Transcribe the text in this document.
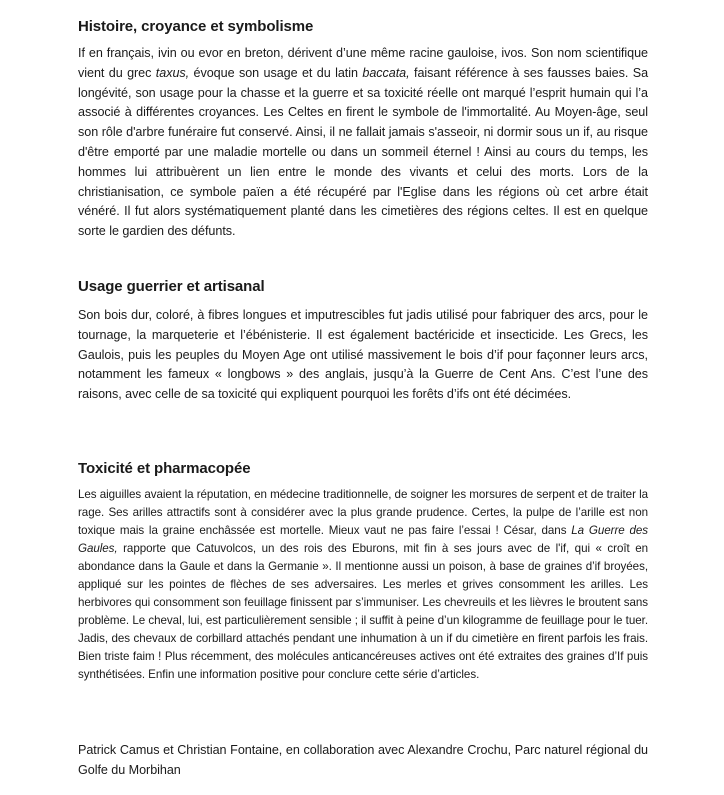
Histoire, croyance et symbolisme

If en français, ivin ou evor en breton, dérivent d’une même racine gauloise, ivos. Son nom scientifique vient du grec taxus, évoque son usage et du latin baccata, faisant référence à ses fausses baies. Sa longévité, son usage pour la chasse et la guerre et sa toxicité réelle ont marqué l’esprit humain qui l’a associé à différentes croyances. Les Celtes en firent le symbole de l'immortalité. Au Moyen-âge, seul son rôle d'arbre funéraire fut conservé. Ainsi, il ne fallait jamais s'asseoir, ni dormir sous un if, au risque d'être emporté par une maladie mortelle ou dans un sommeil éternel ! Ainsi au cours du temps, les hommes lui attribuèrent un lien entre le monde des vivants et celui des morts. Lors de la christianisation, ce symbole païen a été récupéré par l'Eglise dans les régions où cet arbre était vénéré. Il fut alors systématiquement planté dans les cimetières des régions celtes. Il est en quelque sorte le gardien des défunts.

Usage guerrier et artisanal

Son bois dur, coloré, à fibres longues et imputrescibles fut jadis utilisé pour fabriquer des arcs, pour le tournage, la marqueterie et l’ébénisterie. Il est également bactéricide et insecticide. Les Grecs, les Gaulois, puis les peuples du Moyen Age ont utilisé massivement le bois d’if pour façonner leurs arcs, notamment les fameux « longbows » des anglais, jusqu’à la Guerre de Cent Ans. C’est l’une des raisons, avec celle de sa toxicité qui expliquent pourquoi les forêts d’ifs ont été décimées.

Toxicité et pharmacopée

Les aiguilles avaient la réputation, en médecine traditionnelle, de soigner les morsures de serpent et de traiter la rage. Ses arilles attractifs sont à considérer avec la plus grande prudence. Certes, la pulpe de l’arille est non toxique mais la graine enchâssée est mortelle. Mieux vaut ne pas faire l’essai ! César, dans La Guerre des Gaules, rapporte que Catuvolcos, un des rois des Eburons, mit fin à ses jours avec de l'if, qui « croît en abondance dans la Gaule et dans la Germanie ». Il mentionne aussi un poison, à base de graines d’if broyées, appliqué sur les pointes de flèches de ses adversaires. Les merles et grives consomment les arilles. Les herbivores qui consomment son feuillage finissent par s’immuniser. Les chevreuils et les lièvres le broutent sans problème. Le cheval, lui, est particulièrement sensible ; il suffit à peine d’un kilogramme de feuillage pour le tuer. Jadis, des chevaux de corbillard attachés pendant une inhumation à un if du cimetière en firent parfois les frais. Bien triste faim ! Plus récemment, des molécules anticancéreuses actives ont été extraites des graines d’If puis synthétisées. Enfin une information positive pour conclure cette série d’articles.

Patrick Camus et Christian Fontaine, en collaboration avec Alexandre Crochu, Parc naturel régional du Golfe du Morbihan
